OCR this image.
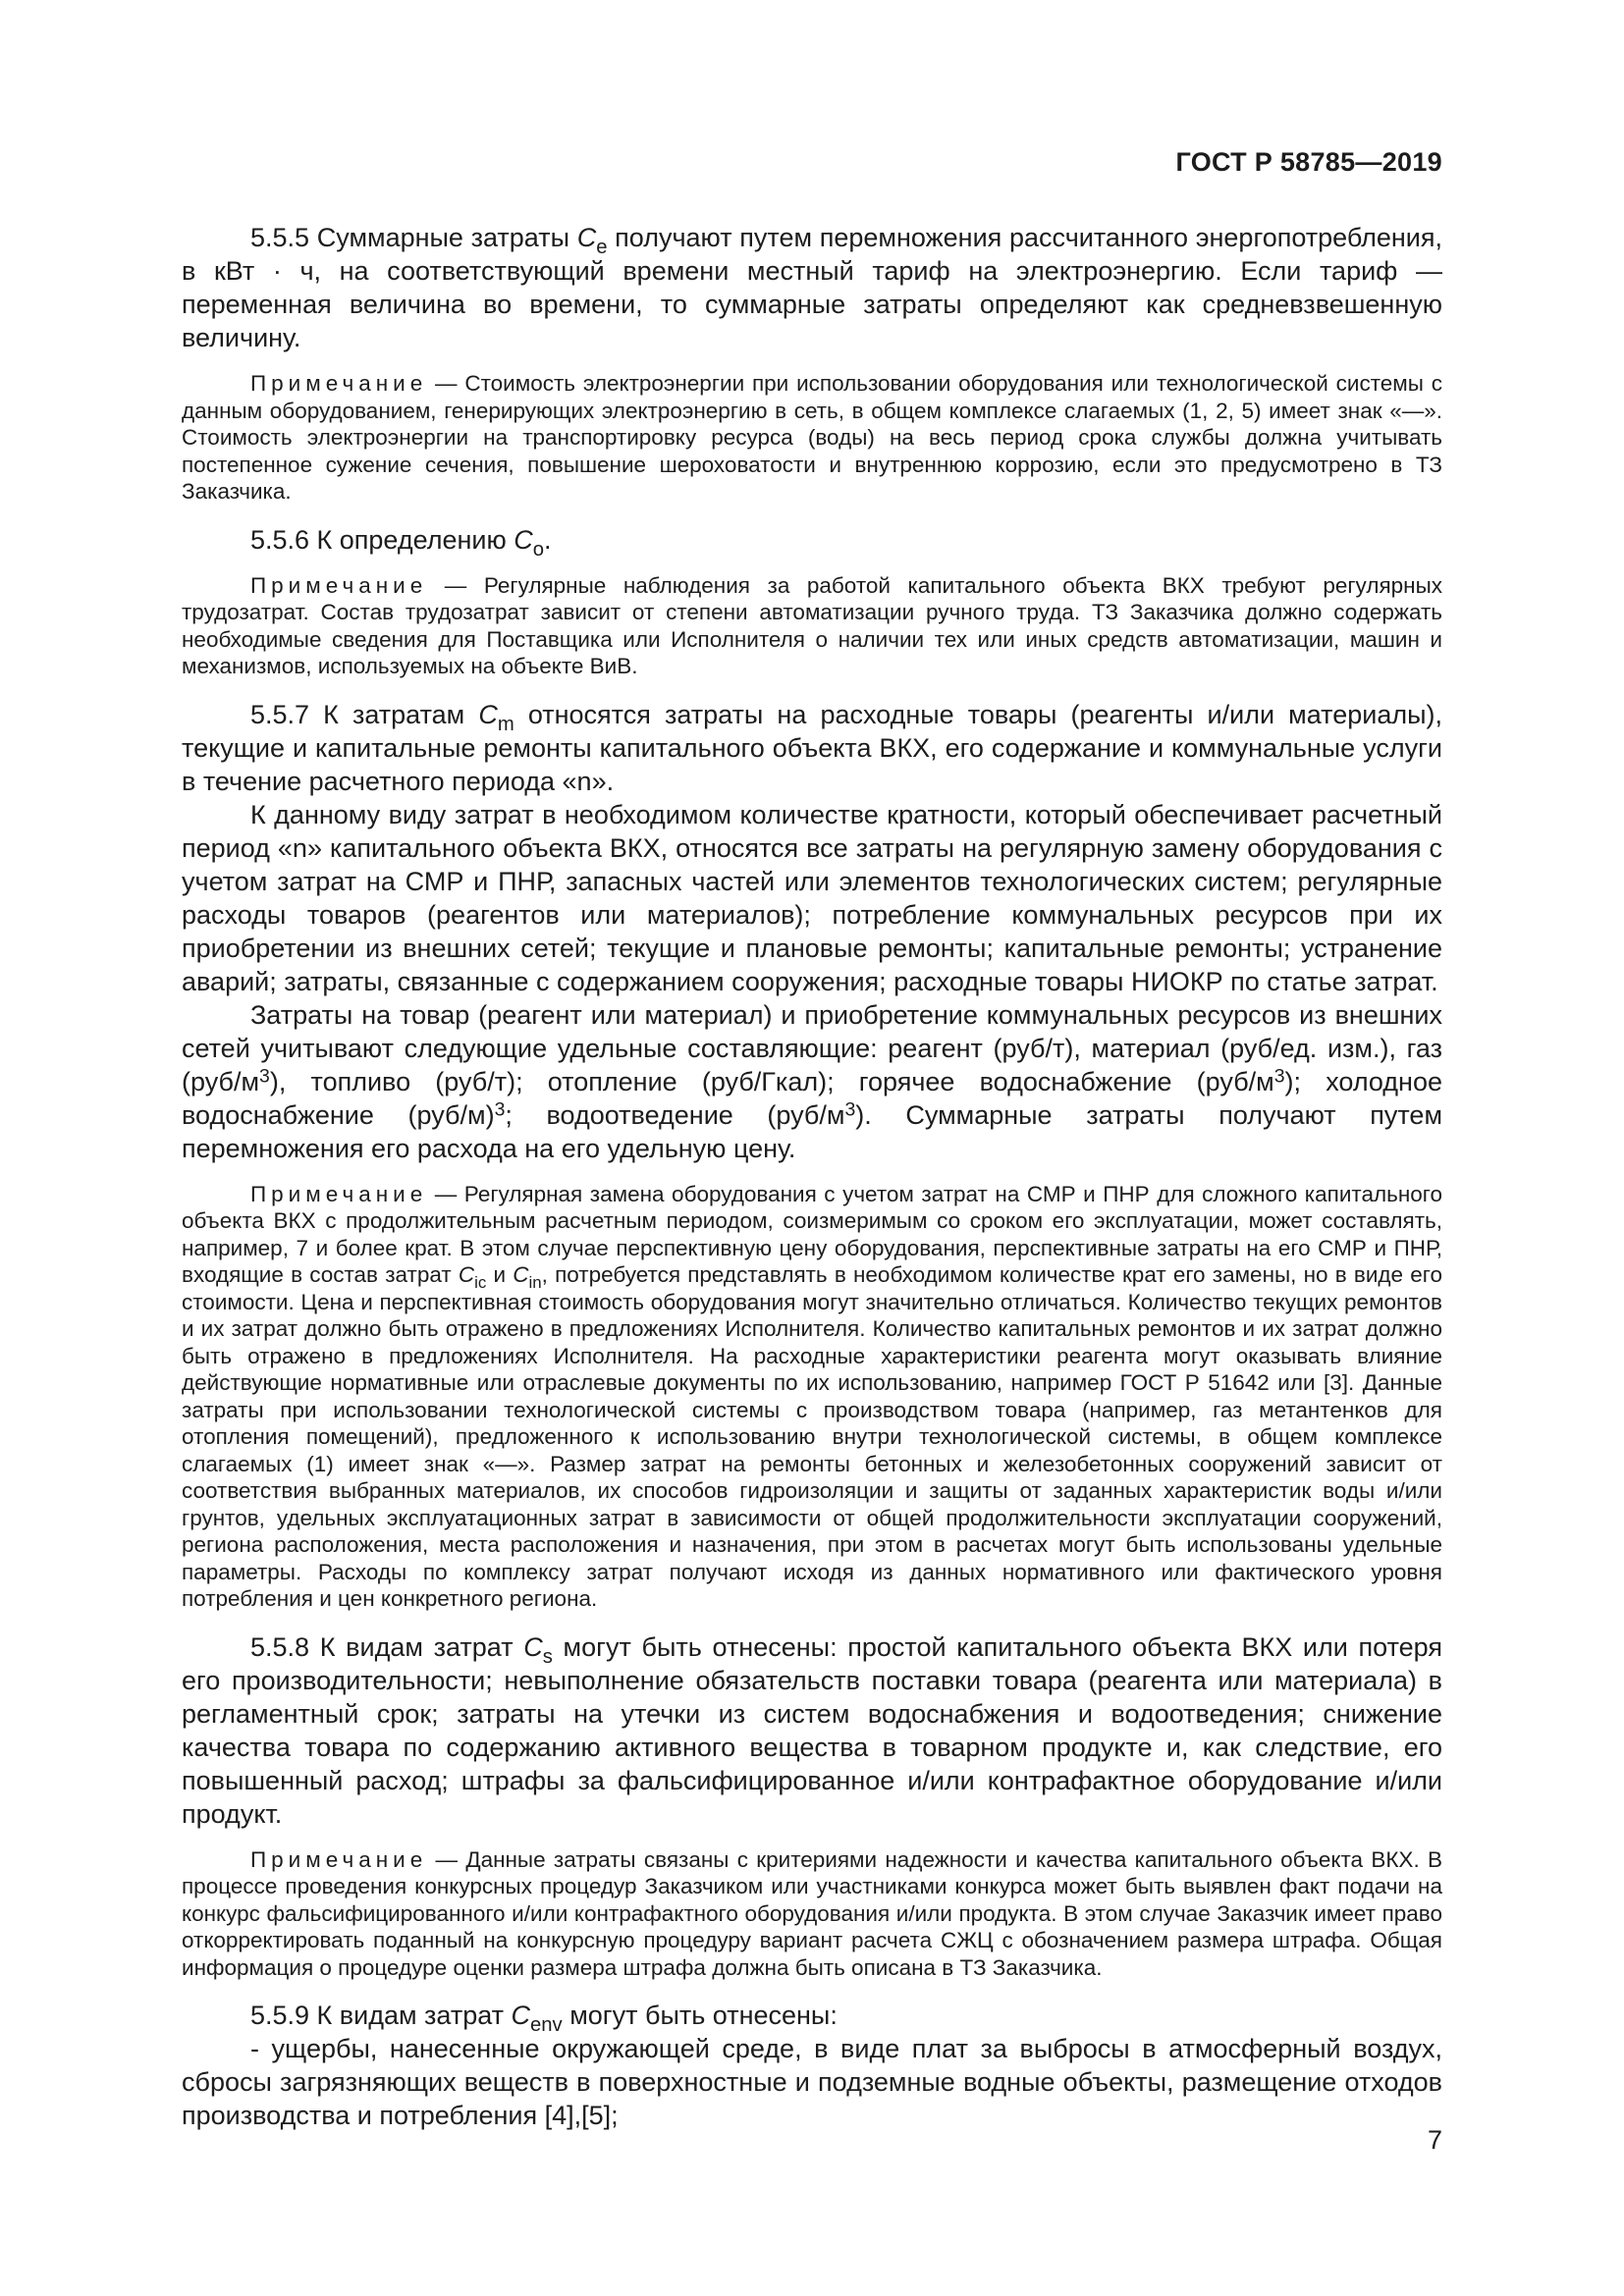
ГОСТ Р 58785—2019

5.5.5 Суммарные затраты $C_e$ получают путем перемножения рассчитанного энергопотребления, в кВт · ч, на соответствующий времени местный тариф на электроэнергию. Если тариф — переменная величина во времени, то суммарные затраты определяют как средневзвешенную величину.

Примечание — Стоимость электроэнергии при использовании оборудования или технологической системы с данным оборудованием, генерирующих электроэнергию в сеть, в общем комплексе слагаемых (1, 2, 5) имеет знак «—». Стоимость электроэнергии на транспортировку ресурса (воды) на весь период срока службы должна учитывать постепенное сужение сечения, повышение шероховатости и внутреннюю коррозию, если это предусмотрено в ТЗ Заказчика.

5.5.6 К определению $C_o$.

Примечание — Регулярные наблюдения за работой капитального объекта ВКХ требуют регулярных трудозатрат. Состав трудозатрат зависит от степени автоматизации ручного труда. ТЗ Заказчика должно содержать необходимые сведения для Поставщика или Исполнителя о наличии тех или иных средств автоматизации, машин и механизмов, используемых на объекте ВиВ.

5.5.7 К затратам $C_m$ относятся затраты на расходные товары (реагенты и/или материалы), текущие и капитальные ремонты капитального объекта ВКХ, его содержание и коммунальные услуги в течение расчетного периода «n».

К данному виду затрат в необходимом количестве кратности, который обеспечивает расчетный период «n» капитального объекта ВКХ, относятся все затраты на регулярную замену оборудования с учетом затрат на СМР и ПНР, запасных частей или элементов технологических систем; регулярные расходы товаров (реагентов или материалов); потребление коммунальных ресурсов при их приобретении из внешних сетей; текущие и плановые ремонты; капитальные ремонты; устранение аварий; затраты, связанные с содержанием сооружения; расходные товары НИОКР по статье затрат.

Затраты на товар (реагент или материал) и приобретение коммунальных ресурсов из внешних сетей учитывают следующие удельные составляющие: реагент (руб/т), материал (руб/ед. изм.), газ $(руб/м^3)$, топливо (руб/т); отопление (руб/Гкал); горячее водоснабжение $(руб/м^3)$; холодное водоснабжение $(руб/м)^3$; водоотведение $(руб/м^3)$. Суммарные затраты получают путем перемножения его расхода на его удельную цену.

Примечание — Регулярная замена оборудования с учетом затрат на СМР и ПНР для сложного капитального объекта ВКХ с продолжительным расчетным периодом, соизмеримым со сроком его эксплуатации, может составлять, например, 7 и более крат. В этом случае перспективную цену оборудования, перспективные затраты на его СМР и ПНР, входящие в состав затрат $C_{ic}$ и $C_{in}$, потребуется представлять в необходимом количестве крат его замены, но в виде его стоимости. Цена и перспективная стоимость оборудования могут значительно отличаться. Количество текущих ремонтов и их затрат должно быть отражено в предложениях Исполнителя. Количество капитальных ремонтов и их затрат должно быть отражено в предложениях Исполнителя. На расходные характеристики реагента могут оказывать влияние действующие нормативные или отраслевые документы по их использованию, например ГОСТ Р 51642 или [3]. Данные затраты при использовании технологической системы с производством товара (например, газ метантенков для отопления помещений), предложенного к использованию внутри технологической системы, в общем комплексе слагаемых (1) имеет знак «—». Размер затрат на ремонты бетонных и железобетонных сооружений зависит от соответствия выбранных материалов, их способов гидроизоляции и защиты от заданных характеристик воды и/или грунтов, удельных эксплуатационных затрат в зависимости от общей продолжительности эксплуатации сооружений, региона расположения, места расположения и назначения, при этом в расчетах могут быть использованы удельные параметры. Расходы по комплексу затрат получают исходя из данных нормативного или фактического уровня потребления и цен конкретного региона.

5.5.8 К видам затрат $C_s$ могут быть отнесены: простой капитального объекта ВКХ или потеря его производительности; невыполнение обязательств поставки товара (реагента или материала) в регламентный срок; затраты на утечки из систем водоснабжения и водоотведения; снижение качества товара по содержанию активного вещества в товарном продукте и, как следствие, его повышенный расход; штрафы за фальсифицированное и/или контрафактное оборудование и/или продукт.

Примечание — Данные затраты связаны с критериями надежности и качества капитального объекта ВКХ. В процессе проведения конкурсных процедур Заказчиком или участниками конкурса может быть выявлен факт подачи на конкурс фальсифицированного и/или контрафактного оборудования и/или продукта. В этом случае Заказчик имеет право откорректировать поданный на конкурсную процедуру вариант расчета СЖЦ с обозначением размера штрафа. Общая информация о процедуре оценки размера штрафа должна быть описана в ТЗ Заказчика.

5.5.9 К видам затрат $C_{env}$ могут быть отнесены:

- ущербы, нанесенные окружающей среде, в виде плат за выбросы в атмосферный воздух, сбросы загрязняющих веществ в поверхностные и подземные водные объекты, размещение отходов производства и потребления [4],[5];

7
